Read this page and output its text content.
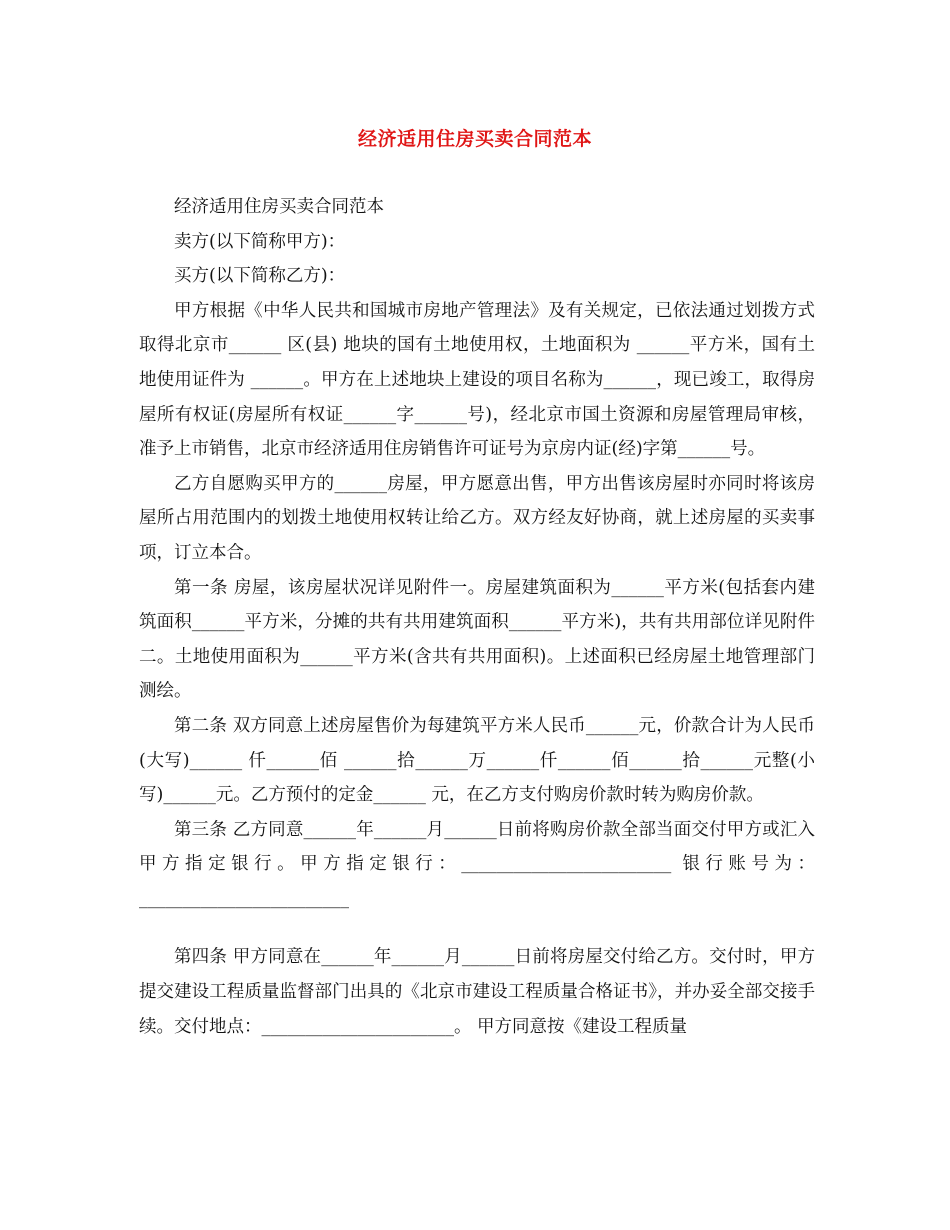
经济适用住房买卖合同范本

经济适用住房买卖合同范本

卖方(以下简称甲方)：

买方(以下简称乙方)：

甲方根据《中华人民共和国城市房地产管理法》及有关规定，已依法通过划拨方式取得北京市______ 区(县) 地块的国有土地使用权，土地面积为 ______平方米，国有土地使用证件为 ______。甲方在上述地块上建设的项目名称为______，现已竣工，取得房屋所有权证(房屋所有权证______字______号)，经北京市国土资源和房屋管理局审核，准予上市销售，北京市经济适用住房销售许可证号为京房内证(经)字第______号。

乙方自愿购买甲方的______房屋，甲方愿意出售，甲方出售该房屋时亦同时将该房屋所占用范围内的划拨土地使用权转让给乙方。双方经友好协商，就上述房屋的买卖事项，订立本合。

第一条 房屋，该房屋状况详见附件一。房屋建筑面积为______平方米(包括套内建筑面积______平方米，分摊的共有共用建筑面积______平方米)，共有共用部位详见附件二。土地使用面积为______平方米(含共有共用面积)。上述面积已经房屋土地管理部门测绘。

第二条 双方同意上述房屋售价为每建筑平方米人民币______元，价款合计为人民币(大写)______ 仟______佰 ______拾______万______仟______佰______拾______元整(小写)______元。乙方预付的定金______ 元，在乙方支付购房价款时转为购房价款。

第三条 乙方同意______年______月______日前将购房价款全部当面交付甲方或汇入甲方指定银行。甲方指定银行：________________________ 银行账号为：________________________

第四条 甲方同意在______年______月______日前将房屋交付给乙方。交付时，甲方提交建设工程质量监督部门出具的《北京市建设工程质量合格证书》，并办妥全部交接手续。交付地点：______________________。 甲方同意按《建设工程质量
